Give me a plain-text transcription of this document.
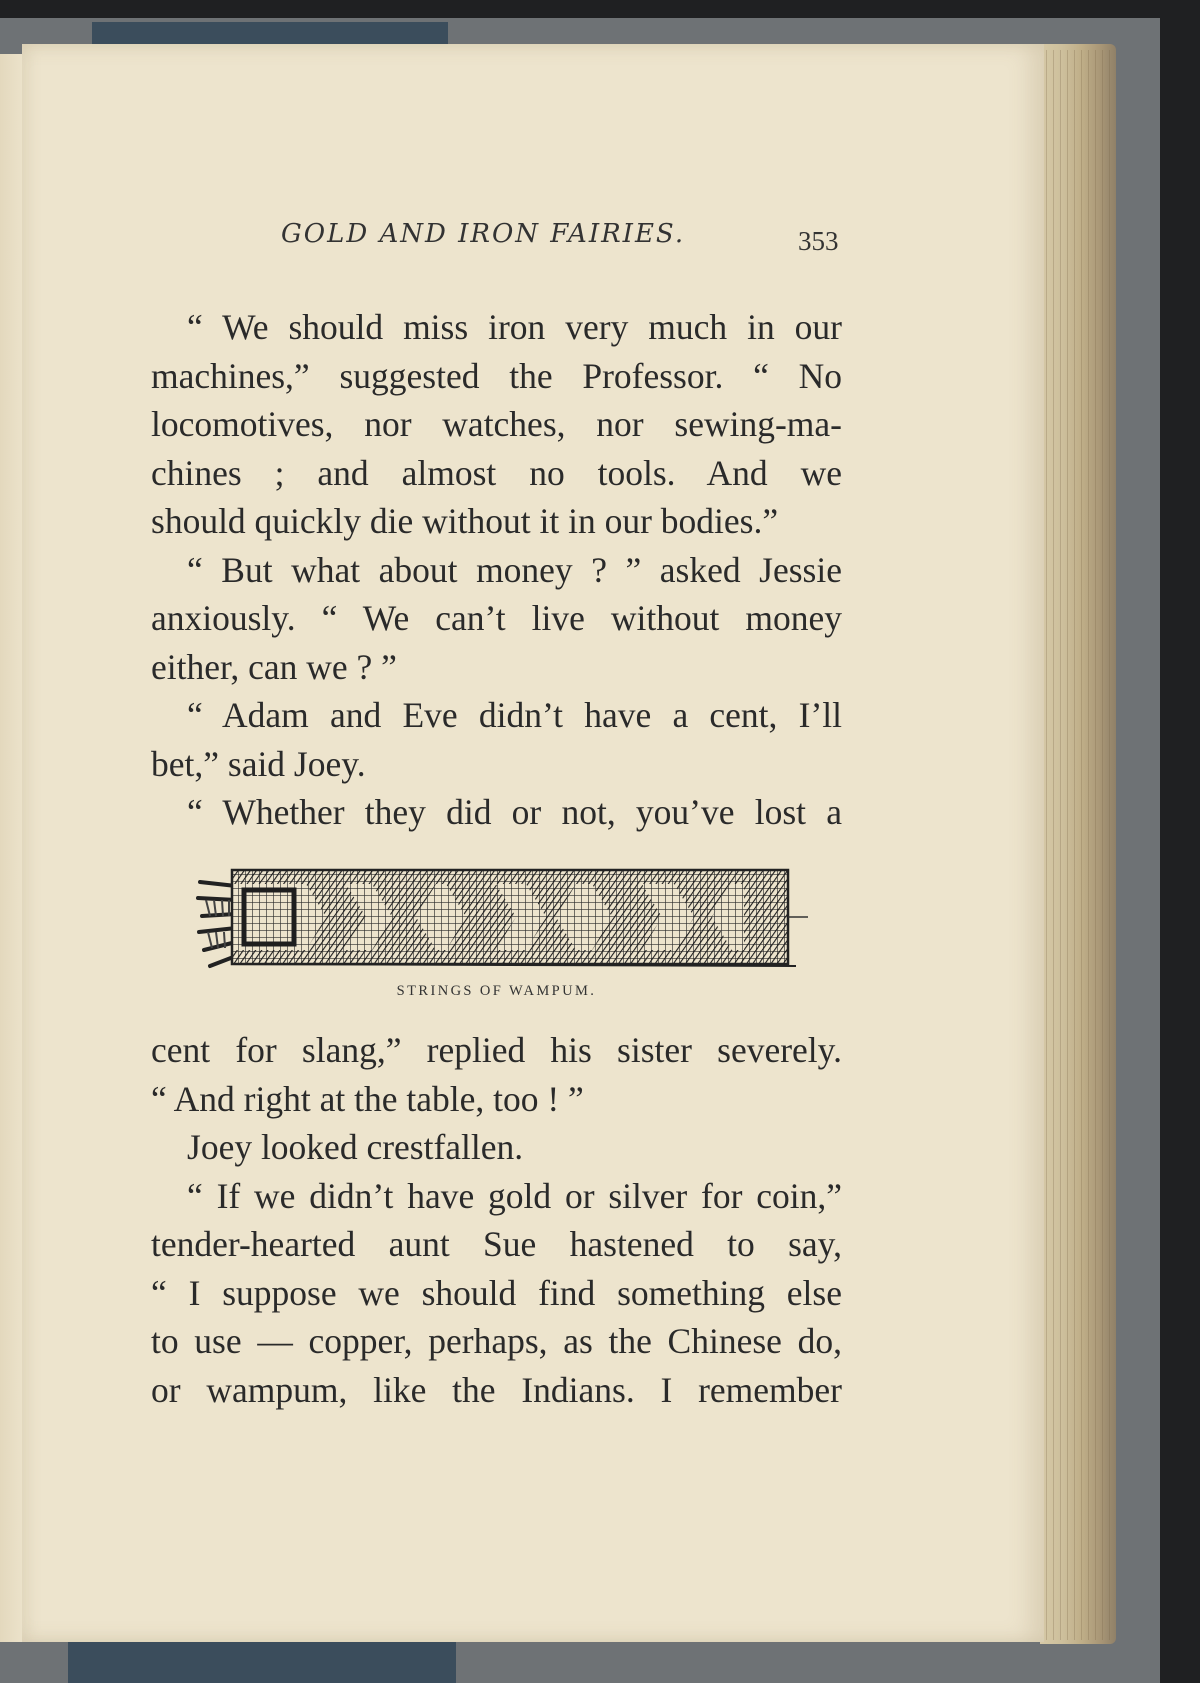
GOLD AND IRON FAIRIES.	353
“ We should miss iron very much in our
machines,” suggested the Professor. “ No
locomotives, nor watches, nor sewing-ma-
chines ; and almost no tools. And we
should quickly die without it in our bodies.”
“ But what about money ? ” asked Jessie
anxiously. “ We can’t live without money
either, can we ? ”
“ Adam and Eve didn’t have a cent, I’ll
bet,” said Joey.
“ Whether they did or not, you’ve lost a
STRINGS OF WAMPUM.
cent for slang,” replied his sister severely.
“ And right at the table, too ! ”
Joey looked crestfallen.
“ If we didn’t have gold or silver for coin,”
tender-hearted aunt Sue hastened to say,
“ I suppose we should find something else
to use — copper, perhaps, as the Chinese do,
or wampum, like the Indians. I remember
